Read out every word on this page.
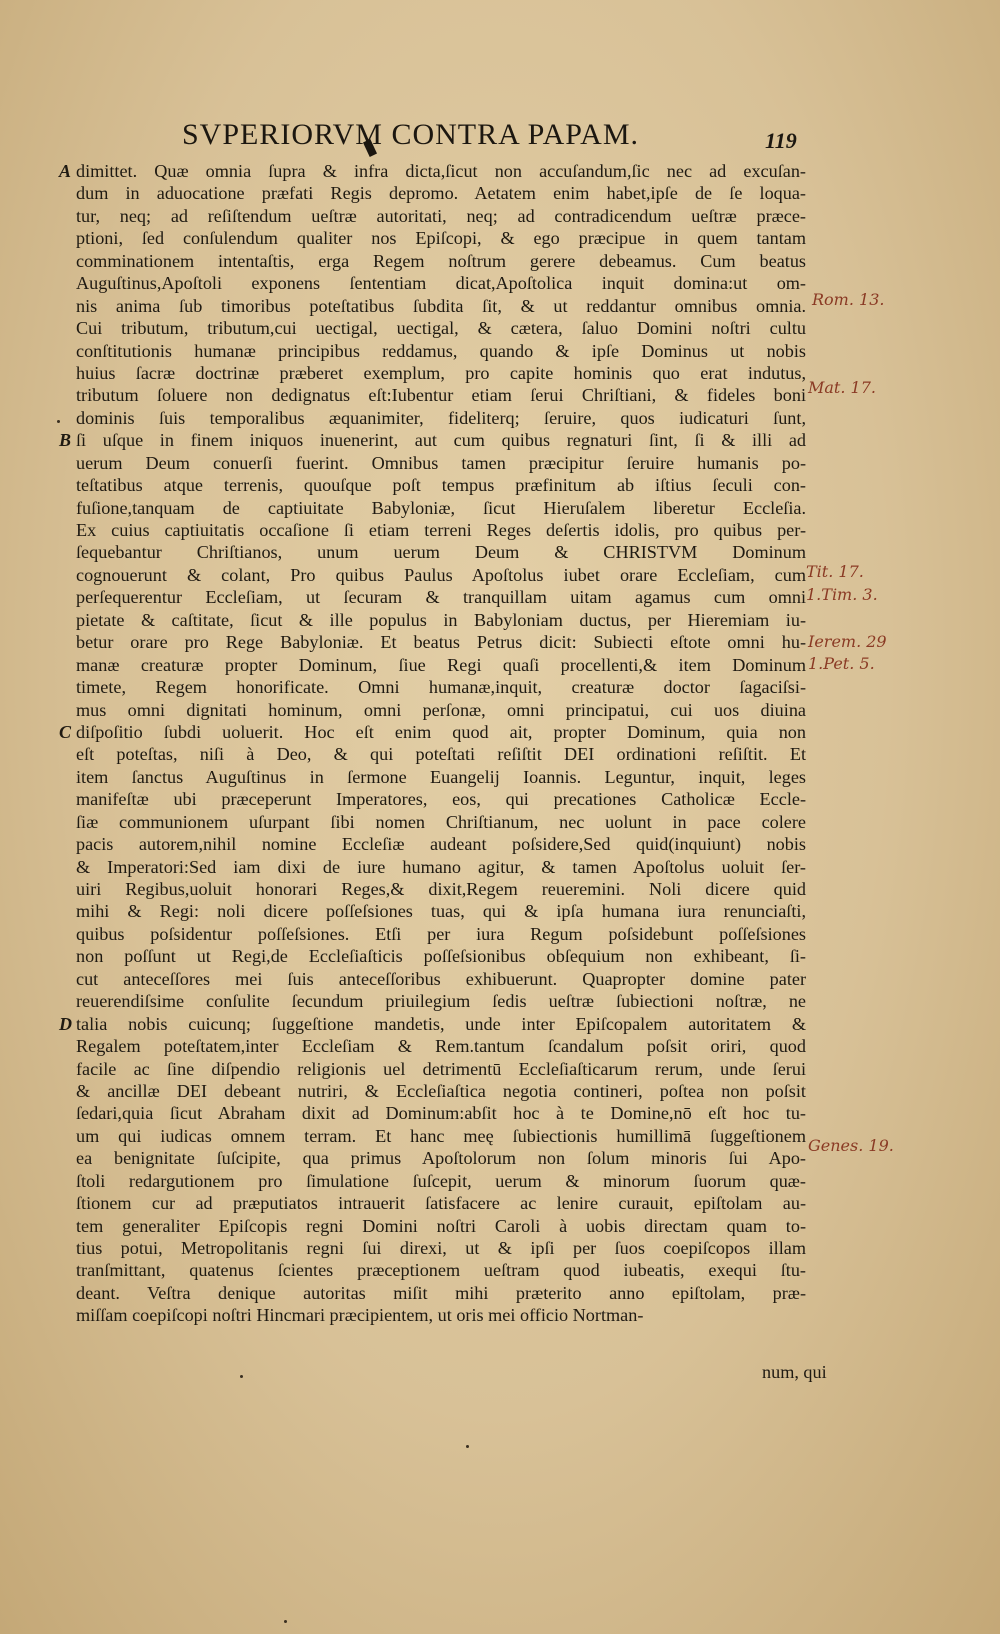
SVPERIORVM CONTRA PAPAM.	119
A dimittet. Quæ omnia ſupra & infra dicta,ſicut non accuſandum,ſic nec ad excuſan-
dum in aduocatione præfati Regis depromo. Aetatem enim habet,ipſe de ſe loqua-
tur, neq; ad reſiſtendum ueſtræ autoritati, neq; ad contradicendum ueſtræ præce-
ptioni, ſed conſulendum qualiter nos Epiſcopi, & ego præcipue in quem tantam
comminationem intentaſtis, erga Regem noſtrum gerere debeamus. Cum beatus
Auguſtinus,Apoſtoli exponens ſententiam dicat,Apoſtolica inquit domina:ut om-
nis anima ſub timoribus poteſtatibus ſubdita ſit, & ut reddantur omnibus omnia.
Cui tributum, tributum,cui uectigal, uectigal, & cætera, ſaluo Domini noſtri cultu
conſtitutionis humanæ principibus reddamus, quando & ipſe Dominus ut nobis
huius ſacræ doctrinæ præberet exemplum, pro capite hominis quo erat indutus,
tributum ſoluere non dedignatus eſt:Iubentur etiam ſerui Chriſtiani, & fideles boni
dominis ſuis temporalibus æquanimiter, fideliterq; ſeruire, quos iudicaturi ſunt,
B ſi uſque in finem iniquos inuenerint, aut cum quibus regnaturi ſint, ſi & illi ad
uerum Deum conuerſi fuerint. Omnibus tamen præcipitur ſeruire humanis po-
teſtatibus atque terrenis, quouſque poſt tempus præfinitum ab iſtius ſeculi con-
fuſione,tanquam de captiuitate Babyloniæ, ſicut Hieruſalem liberetur Eccleſia.
Ex cuius captiuitatis occaſione ſi etiam terreni Reges deſertis idolis, pro quibus per-
ſequebantur Chriſtianos, unum uerum Deum & CHRISTVM Dominum
cognouerunt & colant, Pro quibus Paulus Apoſtolus iubet orare Eccleſiam, cum
perſequerentur Eccleſiam, ut ſecuram & tranquillam uitam agamus cum omni
pietate & caſtitate, ſicut & ille populus in Babyloniam ductus, per Hieremiam iu-
betur orare pro Rege Babyloniæ. Et beatus Petrus dicit: Subiecti eſtote omni hu-
manæ creaturæ propter Dominum, ſiue Regi quaſi procellenti,& item Dominum
timete, Regem honorificate. Omni humanæ,inquit, creaturæ doctor ſagaciſsi-
mus omni dignitati hominum, omni perſonæ, omni principatui, cui uos diuina
C diſpoſitio ſubdi uoluerit. Hoc eſt enim quod ait, propter Dominum, quia non
eſt poteſtas, niſi à Deo, & qui poteſtati reſiſtit DEI ordinationi reſiſtit. Et
item ſanctus Auguſtinus in ſermone Euangelij Ioannis. Leguntur, inquit, leges
manifeſtæ ubi præceperunt Imperatores, eos, qui precationes Catholicæ Eccle-
ſiæ communionem uſurpant ſibi nomen Chriſtianum, nec uolunt in pace colere
pacis autorem,nihil nomine Eccleſiæ audeant poſsidere,Sed quid(inquiunt) nobis
& Imperatori:Sed iam dixi de iure humano agitur, & tamen Apoſtolus uoluit ſer-
uiri Regibus,uoluit honorari Reges,& dixit,Regem reueremini. Noli dicere quid
mihi & Regi: noli dicere poſſeſsiones tuas, qui & ipſa humana iura renunciaſti,
quibus poſsidentur poſſeſsiones. Etſi per iura Regum poſsidebunt poſſeſsiones
non poſſunt ut Regi,de Eccleſiaſticis poſſeſsionibus obſequium non exhibeant, ſi-
cut anteceſſores mei ſuis anteceſſoribus exhibuerunt. Quapropter domine pater
reuerendiſsime conſulite ſecundum priuilegium ſedis ueſtræ ſubiectioni noſtræ, ne
D talia nobis cuicunq; ſuggeſtione mandetis, unde inter Epiſcopalem autoritatem &
Regalem poteſtatem,inter Eccleſiam & Rem.tantum ſcandalum poſsit oriri, quod
facile ac ſine diſpendio religionis uel detrimentū Eccleſiaſticarum rerum, unde ſerui
& ancillæ DEI debeant nutriri, & Eccleſiaſtica negotia contineri, poſtea non poſsit
ſedari,quia ſicut Abraham dixit ad Dominum:abſit hoc à te Domine,nō eſt hoc tu-
um qui iudicas omnem terram. Et hanc meę ſubiectionis humillimā ſuggeſtionem
ea benignitate ſuſcipite, qua primus Apoſtolorum non ſolum minoris ſui Apo-
ſtoli redargutionem pro ſimulatione ſuſcepit, uerum & minorum ſuorum quæ-
ſtionem cur ad præputiatos intrauerit ſatisfacere ac lenire curauit, epiſtolam au-
tem generaliter Epiſcopis regni Domini noſtri Caroli à uobis directam quam to-
tius potui, Metropolitanis regni ſui direxi, ut & ipſi per ſuos coepiſcopos illam
tranſmittant, quatenus ſcientes præceptionem ueſtram quod iubeatis, exequi ſtu-
deant. Veſtra denique autoritas miſit mihi præterito anno epiſtolam, præ-
miſſam coepiſcopi noſtri Hincmari præcipientem, ut oris mei officio Nortman-
num, qui
Rom. 13.
Mat. 17.
Tit. 17.
1.Tim. 3.
Ierem. 29
1.Pet. 5.
Genes. 19.
